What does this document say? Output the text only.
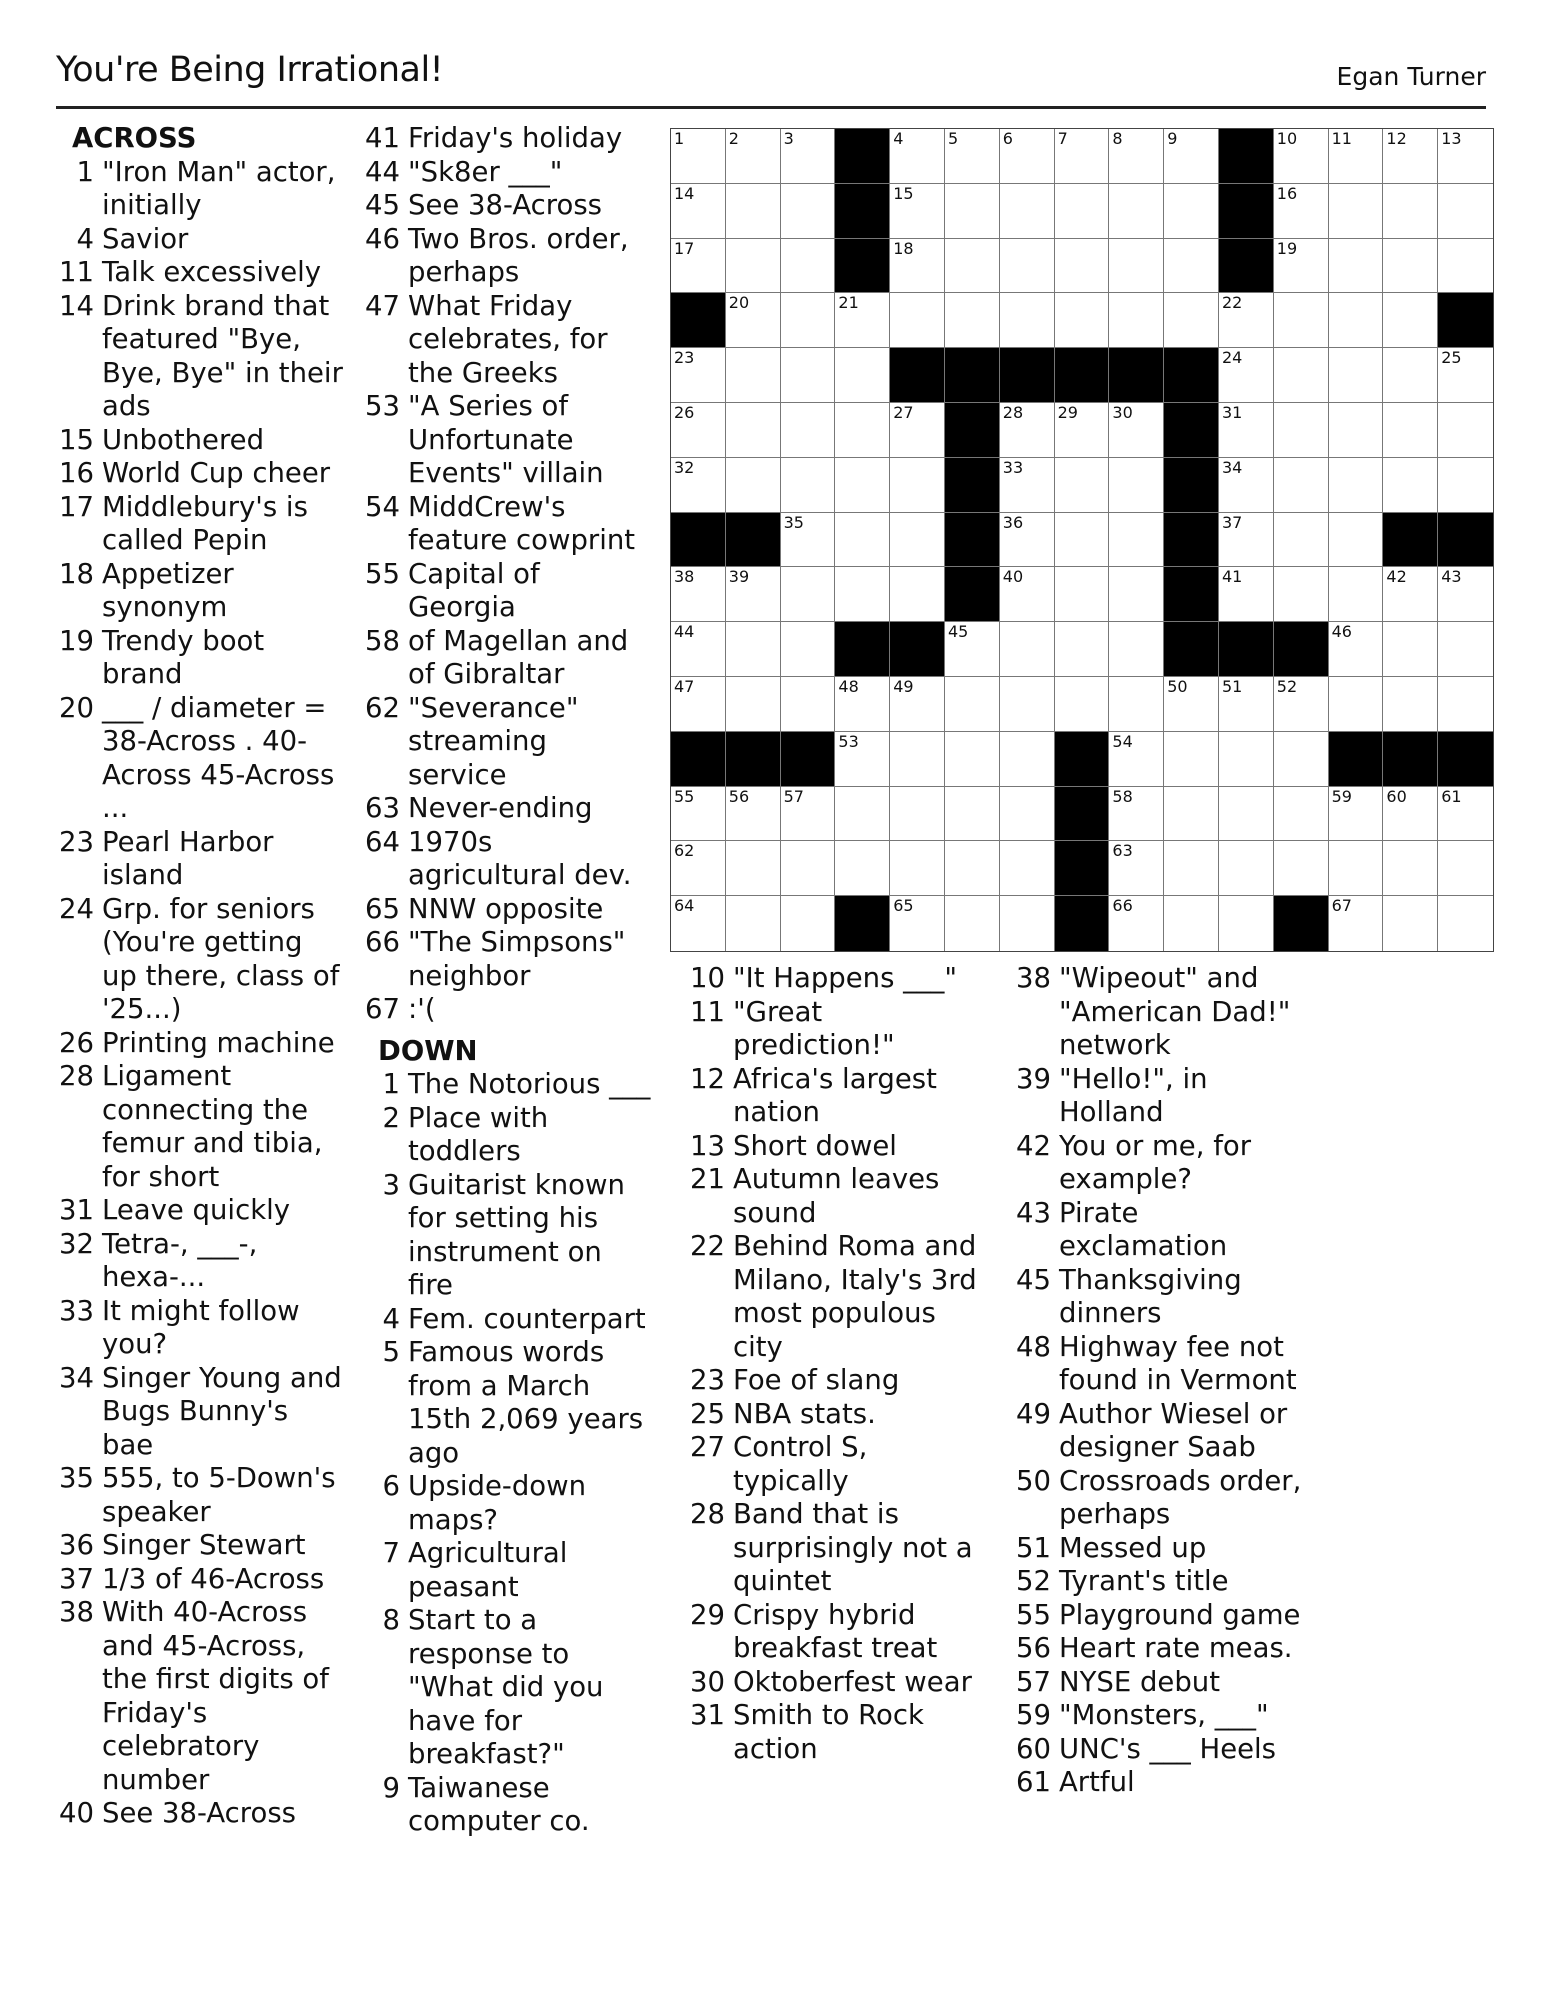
You're Being Irrational!	Egan Turner
ACROSS
1 "Iron Man" actor, initially
4 Savior
11 Talk excessively
14 Drink brand that featured "Bye, Bye, Bye" in their ads
15 Unbothered
16 World Cup cheer
17 Middlebury's is called Pepin
18 Appetizer synonym
19 Trendy boot brand
20 ___ / diameter = 38-Across . 40-Across 45-Across ...
23 Pearl Harbor island
24 Grp. for seniors (You're getting up there, class of '25...)
26 Printing machine
28 Ligament connecting the femur and tibia, for short
31 Leave quickly
32 Tetra-, ___-, hexa-...
33 It might follow you?
34 Singer Young and Bugs Bunny's bae
35 555, to 5-Down's speaker
36 Singer Stewart
37 1/3 of 46-Across
38 With 40-Across and 45-Across, the first digits of Friday's celebratory number
40 See 38-Across
41 Friday's holiday
44 "Sk8er ___"
45 See 38-Across
46 Two Bros. order, perhaps
47 What Friday celebrates, for the Greeks
53 "A Series of Unfortunate Events" villain
54 MiddCrew's feature cowprint
55 Capital of Georgia
58 of Magellan and of Gibraltar
62 "Severance" streaming service
63 Never-ending
64 1970s agricultural dev.
65 NNW opposite
66 "The Simpsons" neighbor
67 :'(
DOWN
1 The Notorious ___
2 Place with toddlers
3 Guitarist known for setting his instrument on fire
4 Fem. counterpart
5 Famous words from a March 15th 2,069 years ago
6 Upside-down maps?
7 Agricultural peasant
8 Start to a response to "What did you have for breakfast?"
9 Taiwanese computer co.
10 "It Happens ___"
11 "Great prediction!"
12 Africa's largest nation
13 Short dowel
21 Autumn leaves sound
22 Behind Roma and Milano, Italy's 3rd most populous city
23 Foe of slang
25 NBA stats.
27 Control S, typically
28 Band that is surprisingly not a quintet
29 Crispy hybrid breakfast treat
30 Oktoberfest wear
31 Smith to Rock action
38 "Wipeout" and "American Dad!" network
39 "Hello!", in Holland
42 You or me, for example?
43 Pirate exclamation
45 Thanksgiving dinners
48 Highway fee not found in Vermont
49 Author Wiesel or designer Saab
50 Crossroads order, perhaps
51 Messed up
52 Tyrant's title
55 Playground game
56 Heart rate meas.
57 NYSE debut
59 "Monsters, ___"
60 UNC's ___ Heels
61 Artful
1	2	3	4	5	6	7	8	9	10 11 12 13
14	15	16
17	18	19
20	21	22
23	24	25
26	27	28 29 30	31
32	33	34
35	36	37
38 39	40	41	42 43
44	45	46
47	48 49	50 51 52
53	54
55 56 57	58	59 60 61
62	63
64	65	66	67
